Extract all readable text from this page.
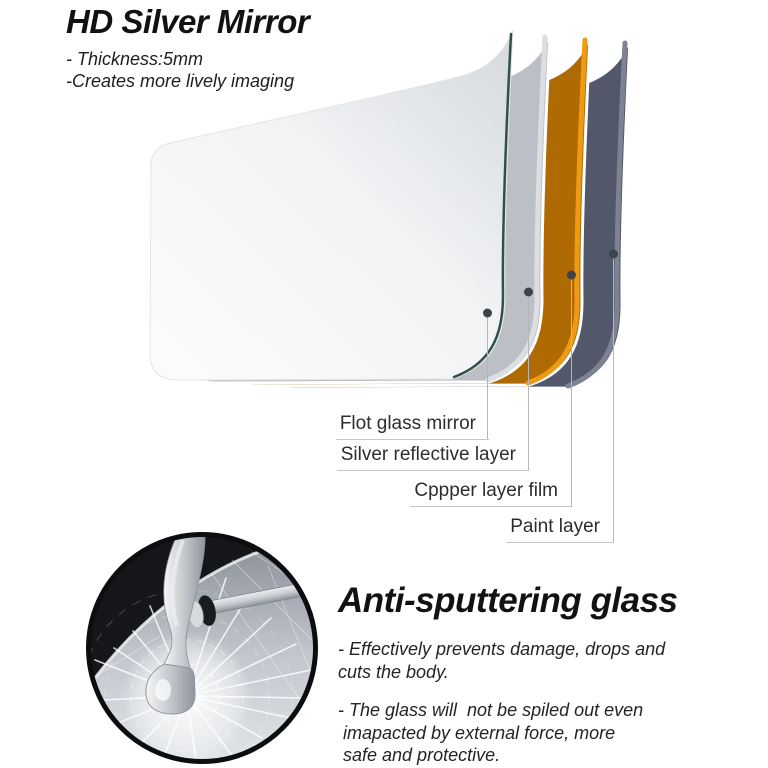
HD Silver Mirror
- Thickness:5mm
-Creates more lively imaging
Flot glass mirror
Silver reflective layer
Cppper layer film
Paint layer
Anti-sputtering glass
- Effectively prevents damage, drops and
cuts the body.
- The glass will  not be spiled out even
imapacted by external force, more
safe and protective.
